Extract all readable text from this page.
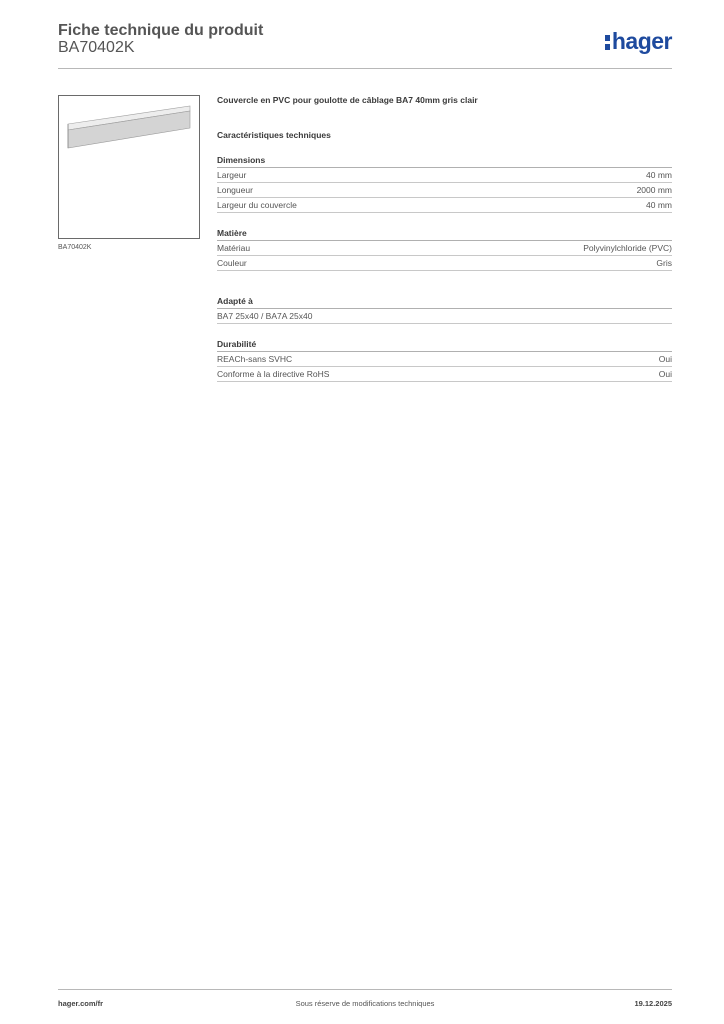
Fiche technique du produit
BA70402K	hager
BA70402K
Couvercle en PVC pour goulotte de câblage BA7 40mm gris clair
Caractéristiques techniques
Dimensions
Largeur	40 mm
Longueur	2000 mm
Largeur du couvercle	40 mm
Matière
Matériau	Polyvinylchloride (PVC)
Couleur	Gris
Adapté à
BA7 25x40 / BA7A 25x40
Durabilité
REACh-sans SVHC	Oui
Conforme à la directive RoHS	Oui
hager.com/fr	Sous réserve de modifications techniques	19.12.2025
